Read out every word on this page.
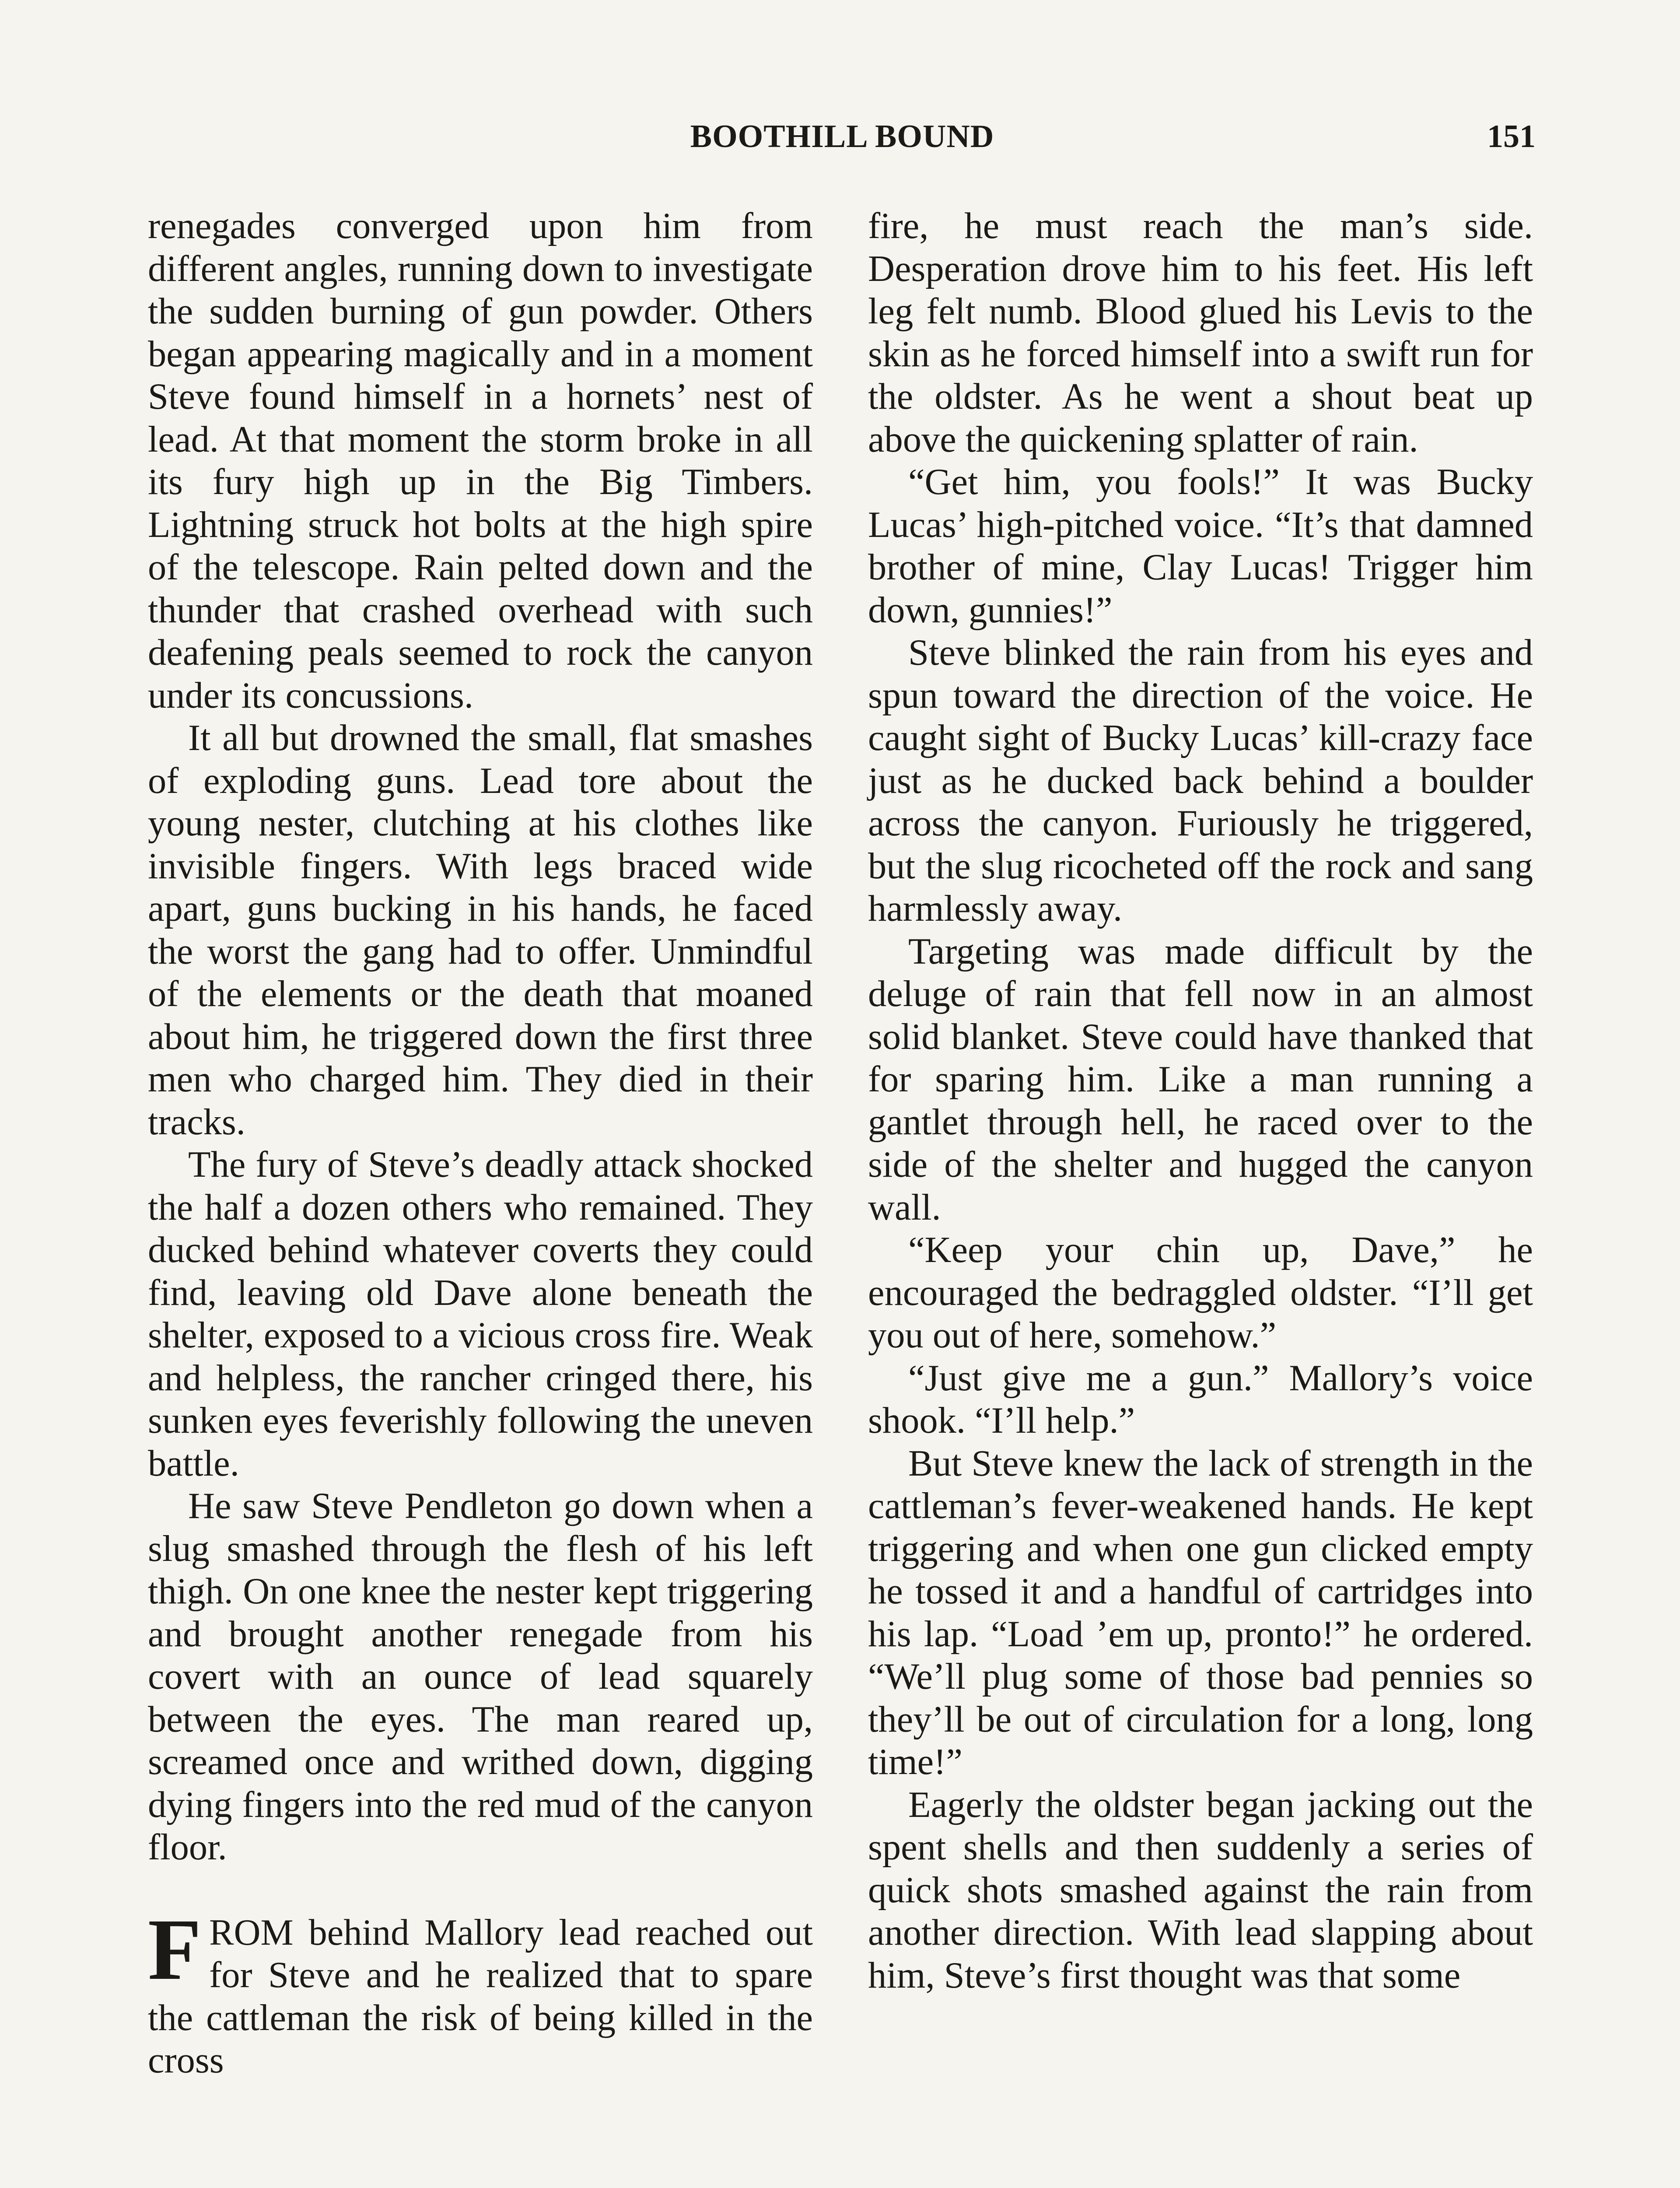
BOOTHILL BOUND	151

renegades converged upon him from different angles, running down to investigate the sudden burning of gun powder. Others began appearing magically and in a moment Steve found himself in a hornets’ nest of lead. At that moment the storm broke in all its fury high up in the Big Timbers. Lightning struck hot bolts at the high spire of the telescope. Rain pelted down and the thunder that crashed overhead with such deafening peals seemed to rock the canyon under its concussions.

It all but drowned the small, flat smashes of exploding guns. Lead tore about the young nester, clutching at his clothes like invisible fingers. With legs braced wide apart, guns bucking in his hands, he faced the worst the gang had to offer. Unmindful of the elements or the death that moaned about him, he triggered down the first three men who charged him. They died in their tracks.

The fury of Steve’s deadly attack shocked the half a dozen others who remained. They ducked behind whatever coverts they could find, leaving old Dave alone beneath the shelter, exposed to a vicious cross fire. Weak and helpless, the rancher cringed there, his sunken eyes feverishly following the uneven battle.

He saw Steve Pendleton go down when a slug smashed through the flesh of his left thigh. On one knee the nester kept triggering and brought another renegade from his covert with an ounce of lead squarely between the eyes. The man reared up, screamed once and writhed down, digging dying fingers into the red mud of the canyon floor.

FROM behind Mallory lead reached out for Steve and he realized that to spare the cattleman the risk of being killed in the cross

fire, he must reach the man’s side. Desperation drove him to his feet. His left leg felt numb. Blood glued his Levis to the skin as he forced himself into a swift run for the oldster. As he went a shout beat up above the quickening splatter of rain.

“Get him, you fools!” It was Bucky Lucas’ high-pitched voice. “It’s that damned brother of mine, Clay Lucas! Trigger him down, gunnies!”

Steve blinked the rain from his eyes and spun toward the direction of the voice. He caught sight of Bucky Lucas’ kill-crazy face just as he ducked back behind a boulder across the canyon. Furiously he triggered, but the slug ricocheted off the rock and sang harmlessly away.

Targeting was made difficult by the deluge of rain that fell now in an almost solid blanket. Steve could have thanked that for sparing him. Like a man running a gantlet through hell, he raced over to the side of the shelter and hugged the canyon wall.

“Keep your chin up, Dave,” he encouraged the bedraggled oldster. “I’ll get you out of here, somehow.”

“Just give me a gun.” Mallory’s voice shook. “I’ll help.”

But Steve knew the lack of strength in the cattleman’s fever-weakened hands. He kept triggering and when one gun clicked empty he tossed it and a handful of cartridges into his lap. “Load ’em up, pronto!” he ordered. “We’ll plug some of those bad pennies so they’ll be out of circulation for a long, long time!”

Eagerly the oldster began jacking out the spent shells and then suddenly a series of quick shots smashed against the rain from another direction. With lead slapping about him, Steve’s first thought was that some
